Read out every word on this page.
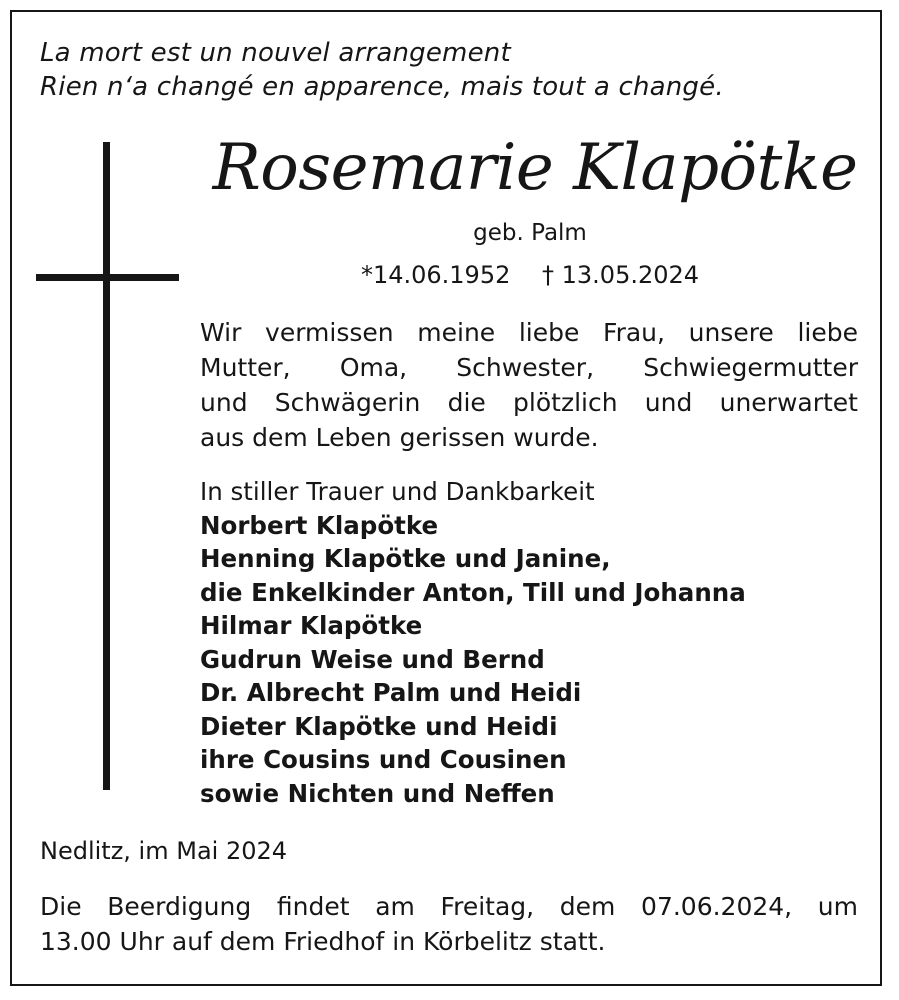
La mort est un nouvel arrangement
Rien n‘a changé en apparence, mais tout a changé.
Rosemarie Klapötke
geb. Palm
*14.06.1952 † 13.05.2024
Wir vermissen meine liebe Frau, unsere liebe
Mutter, Oma, Schwester, Schwiegermutter
und Schwägerin die plötzlich und unerwartet
aus dem Leben gerissen wurde.
In stiller Trauer und Dankbarkeit
Norbert Klapötke
Henning Klapötke und Janine,
die Enkelkinder Anton, Till und Johanna
Hilmar Klapötke
Gudrun Weise und Bernd
Dr. Albrecht Palm und Heidi
Dieter Klapötke und Heidi
ihre Cousins und Cousinen
sowie Nichten und Neffen
Nedlitz, im Mai 2024
Die Beerdigung findet am Freitag, dem 07.06.2024, um
13.00 Uhr auf dem Friedhof in Körbelitz statt.
